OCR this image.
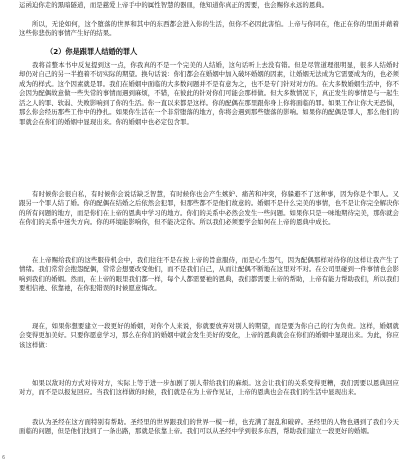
运函迫你走的黑暗隧道，而是慈爱上帝手中的属性智慧的器皿，他知道你真正的需要，也会赐你永远的恩典。

所以，无论如何，这个堕落的世界和其中的东西都会进入你的生活，但你不必因此害怕。上帝与你同在，他正在你的里面并藉着这些你悲伤的事情产生好的结果。

（2）你是跟罪人结婚的罪人

我将首整本书中反复提到这一点，你我真的不是一个完美的人结婚，这句话听上去没有错。但是尽管道理很明显，很多人结婚时却仍对自己的另一半抱着不切实际的期望。换句话说：你们都会在婚姻中加入破坏婚姻的因素，让婚姻无法成为它需要成为的，也必须成为的样式。这个因素就是罪。我们在婚姻中面临的大多数问题并不是有意为之，也不是专门针对对方的。在大多数婚姻生活中，你不会因为配偶故意做一些失常的事情而遇到麻烦，不错，在彼此的针对你们可能会那样做。但大多数情况下，真正发生的事情是与一起生活之人的罪、软弱、失败影响到了你的生活。你一直以来都是这样。你的配偶在那里跟你身上你将面临的罪。如果工作让你大无恐惧，那么你会经历那些工作中的挣扎。如果你生活在一个非常堕落的地方，你将会遇到那些堕落的影响。如果你的配偶是罪人，那么他们的罪就会在你们的婚姻中显现出来。你的婚姻中也必定包含罪。

有时候你会很自私，有时候你会说话缺乏智慧，有时候你也会产生嫉妒、痛苦和冲突，你躲避不了这种事，因为你是个罪人。又跟另一个罪人结了婚。你的配偶在结婚之后依然会犯罪，但那些都不是他们故意的。婚姻不是什么完美的事情，也不是让你完全解决你的所有问题的地方，而是你们在上帝的恩典中学习的地方。你们的关系中必然会发生一些问题。如果你只是一味地期待完美，那你就会在你们的关系中迷失方向。你的环境能影响你，但不能决定你。所以我们必须要学会如何在上帝的恩典中成长。

在上帝赐给我们的这些服侍机会中，我们往往不是在按上帝的旨意服侍，而是心生怨气，因为配偶那样对待你的这样让我产生了情绪。我们常常会抱怨配偶，常常会想要改变他们，而不是我们自己，从而让配偶不断地在这里对不对。在公司里碰到一件事情也会影响到我们的婚姻。然而，在上帝的眼里我们都一样，每个人都需要祂的恩典，我们都需要上帝的帮助，上帝有能力帮助我们，所以我们要相信祂、依靠祂，在你犯错误的时候愿意悔改。

现在，如果你想要建立一段更好的婚姻，对你个人来说，你就要放弃对别人的期望，而是要为你自己的行为负责。这样，婚姻就会变得更加美好。只要你愿意学习，那么在你们的婚姻中就会发生美好的变化，上帝的恩典就会在你们的婚姻中显现出来。为此，你应该这样做：

如果以敌对的方式对待对方，实际上等于进一步加剧了别人带给我们的麻烦。这会让我们的关系变得更糟，我们需要以恩典回应对方，而不是以报复回应。当我们这样做的时候，我们就是在为上帝作见证，上帝的恩典也会在我们的生活中显现出来。

我认为圣经在这方面特别有帮助。圣经里的世界跟我们的世界一模一样，也充满了混乱和破碎。圣经里的人物也遇到了我们今天面临的问题，但是他们找到了一条出路，那就是依靠上帝。我们可以从圣经中学到很多东西，帮助我们建立一段更好的婚姻。

6
